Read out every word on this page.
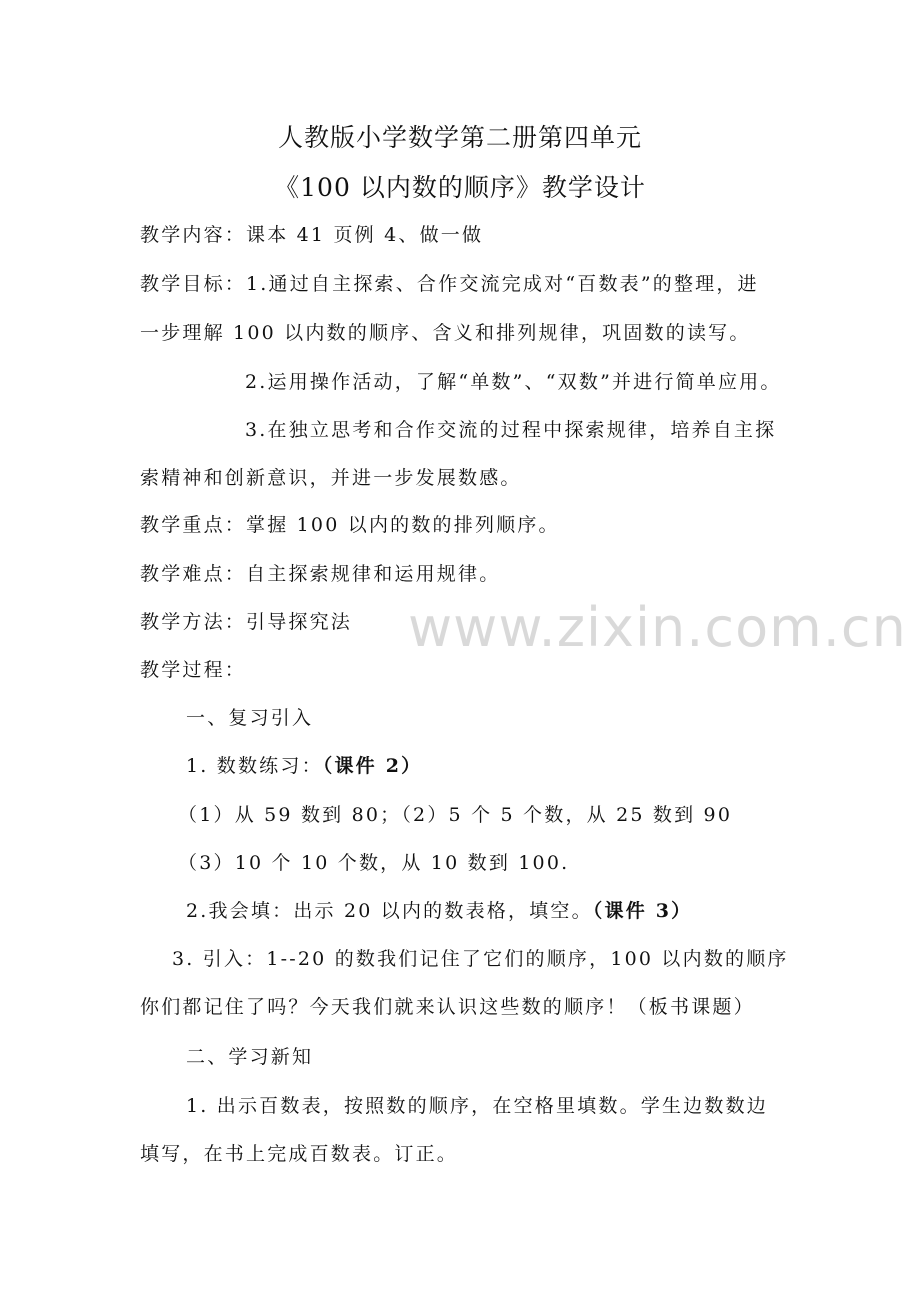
人教版小学数学第二册第四单元
《100 以内数的顺序》教学设计
教学内容：课本 41 页例 4、做一做
教学目标：1.通过自主探索、合作交流完成对“百数表”的整理，进
一步理解 100 以内数的顺序、含义和排列规律，巩固数的读写。
2.运用操作活动，了解“单数”、“双数”并进行简单应用。
3.在独立思考和合作交流的过程中探索规律，培养自主探
索精神和创新意识，并进一步发展数感。
教学重点：掌握 100 以内的数的排列顺序。
教学难点：自主探索规律和运用规律。
教学方法：引导探究法
教学过程：
一、复习引入
1. 数数练习：（课件 2）
（1）从 59 数到 80；（2）5 个 5 个数，从 25 数到 90
（3）10 个 10 个数，从 10 数到 100.
2.我会填：出示 20 以内的数表格，填空。（课件 3）
3. 引入：1--20 的数我们记住了它们的顺序，100 以内数的顺序
你们都记住了吗？今天我们就来认识这些数的顺序！（板书课题）
二、学习新知
1. 出示百数表，按照数的顺序，在空格里填数。学生边数数边
填写，在书上完成百数表。订正。
www.zixin.com.cn
